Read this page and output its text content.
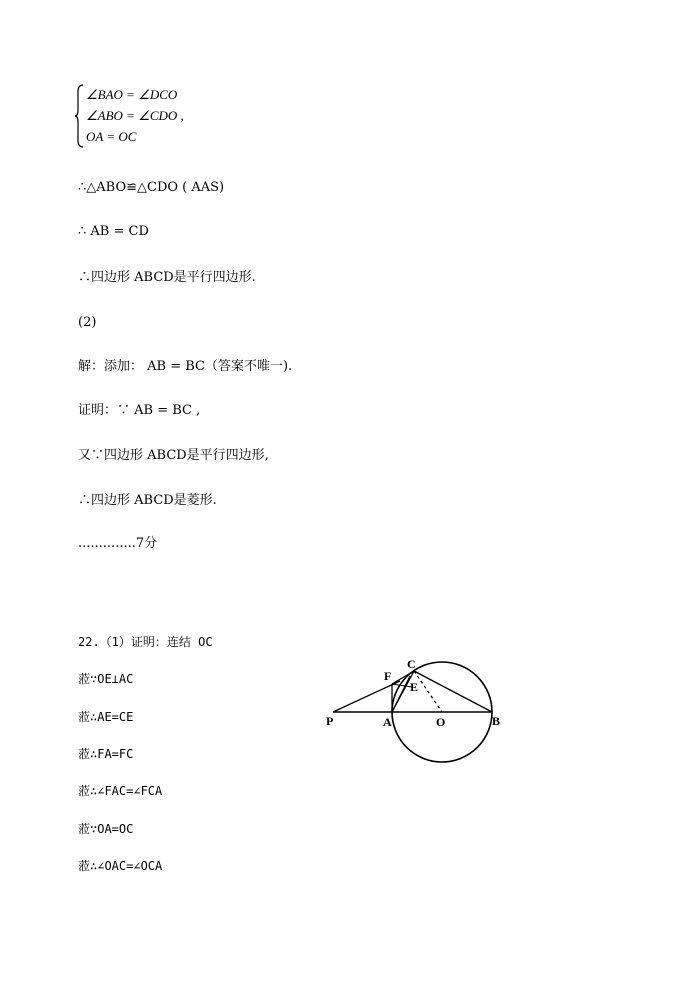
∠BAO = ∠DCO
∠ABO = ∠CDO ,
OA = OC
∴△ABO≌△CDO ( AAS)
∴ AB = CD
∴四边形 ABCD是平行四边形.
(2)
解：添加： AB = BC（答案不唯一).
证明：∵ AB = BC ,
又∵四边形 ABCD是平行四边形,
∴四边形 ABCD是菱形.
..............7分
22.（1）证明：连结 OC
蒞∵OE⊥AC
蒞∴AE=CE
蒞∴FA=FC
蒞∴∠FAC=∠FCA
蒞∵OA=OC
蒞∴∠OAC=∠OCA
P	A	O	B
C
F
E
